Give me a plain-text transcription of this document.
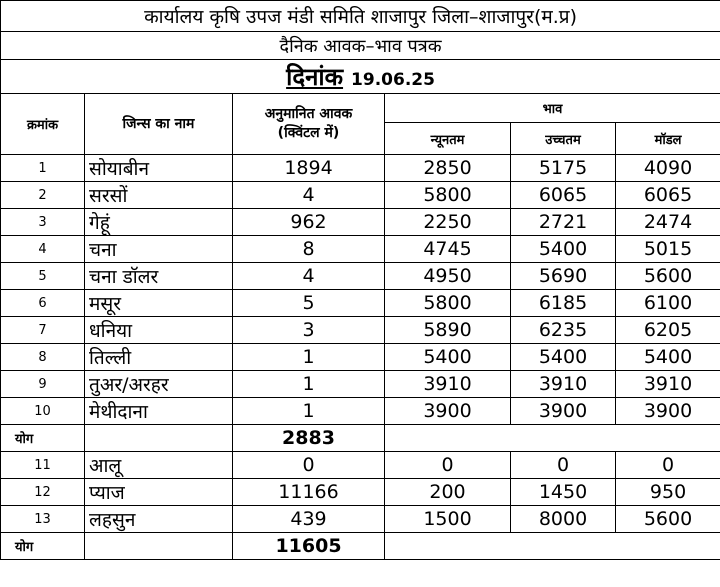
कार्यालय कृषि उपज मंडी समिति शाजापुर जिला–शाजापुर(म.प्र)					
दैनिक आवक–भाव पत्रक					
दिनांक 19.06.25					
क्रमांक	जिन्स का नाम	अनुमानित आवक (क्विंटल में)	भाव		
			न्यूनतम	उच्चतम	मॉडल
1	सोयाबीन	1894	2850	5175	4090
2	सरसों	4	5800	6065	6065
3	गेहूं	962	2250	2721	2474
4	चना	8	4745	5400	5015
5	चना डॉलर	4	4950	5690	5600
6	मसूर	5	5800	6185	6100
7	धनिया	3	5890	6235	6205
8	तिल्ली	1	5400	5400	5400
9	तुअर/अरहर	1	3910	3910	3910
10	मेथीदाना	1	3900	3900	3900
योग		2883			
11	आलू	0	0	0	0
12	प्याज	11166	200	1450	950
13	लहसुन	439	1500	8000	5600
योग		11605			
